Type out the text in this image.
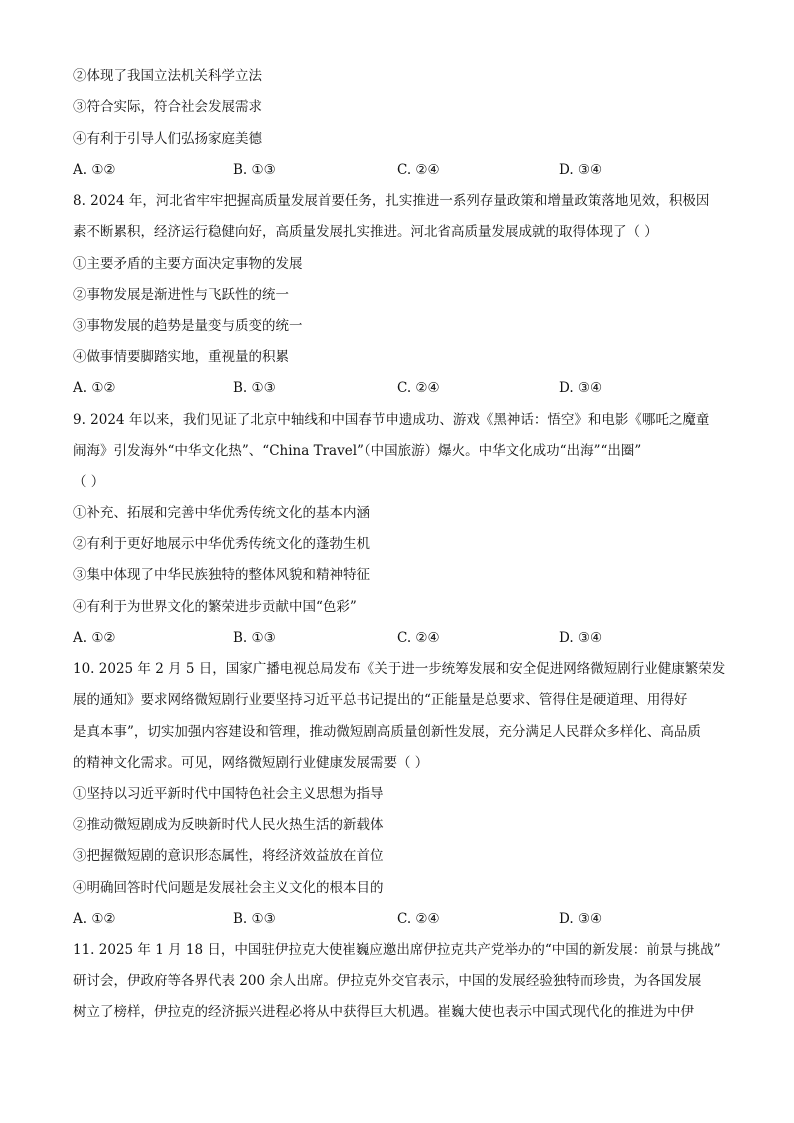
②体现了我国立法机关科学立法
③符合实际，符合社会发展需求
④有利于引导人们弘扬家庭美德
A. ①②	B. ①③	C. ②④	D. ③④
8. 2024 年，河北省牢牢把握高质量发展首要任务，扎实推进一系列存量政策和增量政策落地见效，积极因
素不断累积，经济运行稳健向好，高质量发展扎实推进。河北省高质量发展成就的取得体现了（ ）
①主要矛盾的主要方面决定事物的发展
②事物发展是渐进性与飞跃性的统一
③事物发展的趋势是量变与质变的统一
④做事情要脚踏实地，重视量的积累
A. ①②	B. ①③	C. ②④	D. ③④
9. 2024 年以来，我们见证了北京中轴线和中国春节申遗成功、游戏《黑神话：悟空》和电影《哪吒之魔童
闹海》引发海外“中华文化热”、“China Travel”（中国旅游）爆火。中华文化成功“出海”“出圈”
（ ）
①补充、拓展和完善中华优秀传统文化的基本内涵
②有利于更好地展示中华优秀传统文化的蓬勃生机
③集中体现了中华民族独特的整体风貌和精神特征
④有利于为世界文化的繁荣进步贡献中国“色彩”
A. ①②	B. ①③	C. ②④	D. ③④
10. 2025 年 2 月 5 日，国家广播电视总局发布《关于进一步统筹发展和安全促进网络微短剧行业健康繁荣发
展的通知》要求网络微短剧行业要坚持习近平总书记提出的“正能量是总要求、管得住是硬道理、用得好
是真本事”，切实加强内容建设和管理，推动微短剧高质量创新性发展，充分满足人民群众多样化、高品质
的精神文化需求。可见，网络微短剧行业健康发展需要（ ）
①坚持以习近平新时代中国特色社会主义思想为指导
②推动微短剧成为反映新时代人民火热生活的新载体
③把握微短剧的意识形态属性，将经济效益放在首位
④明确回答时代问题是发展社会主义文化的根本目的
A. ①②	B. ①③	C. ②④	D. ③④
11. 2025 年 1 月 18 日，中国驻伊拉克大使崔巍应邀出席伊拉克共产党举办的“中国的新发展：前景与挑战”
研讨会，伊政府等各界代表 200 余人出席。伊拉克外交官表示，中国的发展经验独特而珍贵，为各国发展
树立了榜样，伊拉克的经济振兴进程必将从中获得巨大机遇。崔巍大使也表示中国式现代化的推进为中伊
